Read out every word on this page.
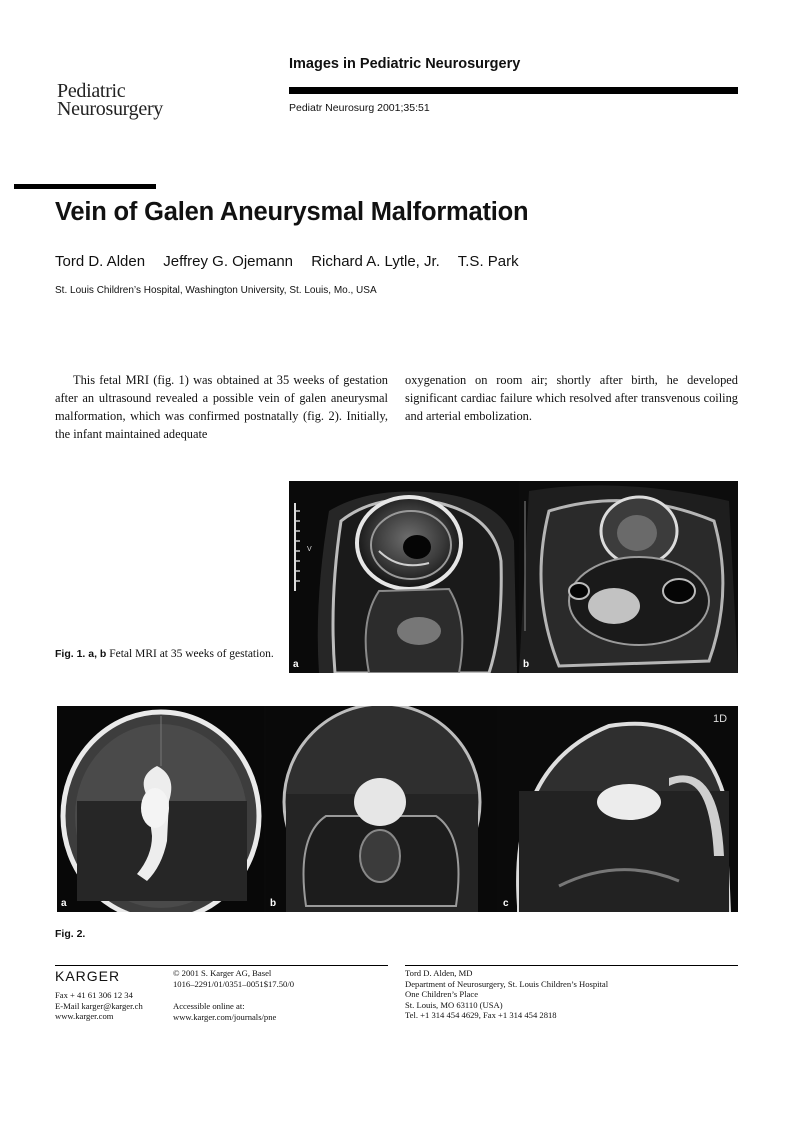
Pediatric
Neurosurgery
Images in Pediatric Neurosurgery
Pediatr Neurosurg 2001;35:51
Vein of Galen Aneurysmal Malformation
Tord D. Alden Jeffrey G. Ojemann Richard A. Lytle, Jr. T.S. Park
St. Louis Children’s Hospital, Washington University, St. Louis, Mo., USA
This fetal MRI (fig. 1) was obtained at 35 weeks of gestation after an ultrasound revealed a possible vein of galen aneurysmal malformation, which was confirmed postnatally (fig. 2). Initially, the infant maintained adequate
oxygenation on room air; shortly after birth, he developed significant cardiac failure which resolved after transvenous coiling and arterial embolization.
V
a	b
Fig. 1. a, b Fetal MRI at 35 weeks of gestation.
a	b
1D
c
Fig. 2.
KARGER
Fax + 41 61 306 12 34
E-Mail karger@karger.ch
www.karger.com
© 2001 S. Karger AG, Basel
1016–2291/01/0351–0051$17.50/0
Accessible online at:
www.karger.com/journals/pne
Tord D. Alden, MD
Department of Neurosurgery, St. Louis Children’s Hospital
One Children’s Place
St. Louis, MO 63110 (USA)
Tel. +1 314 454 4629, Fax +1 314 454 2818
